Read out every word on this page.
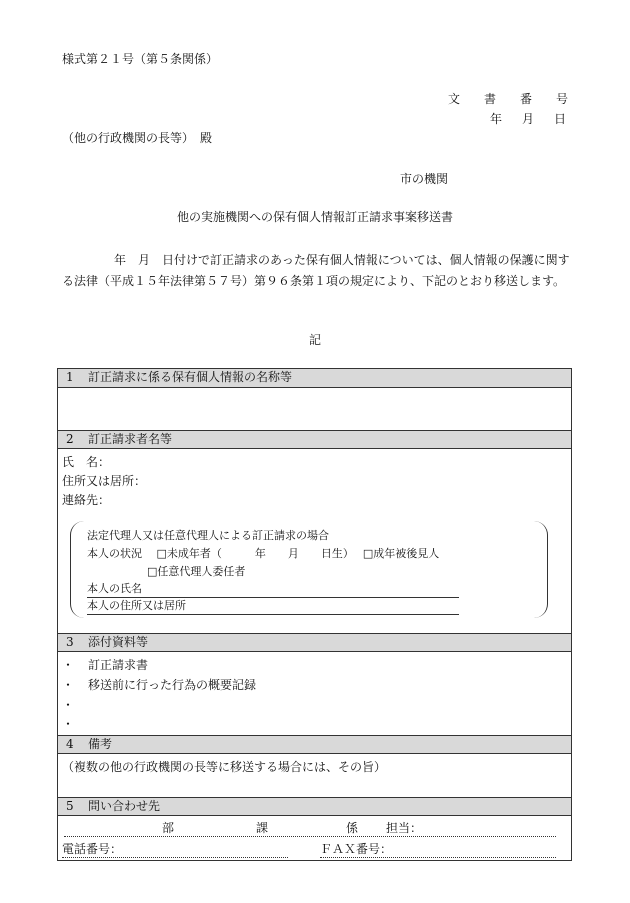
様式第２１号（第５条関係）
文　書　番　号
年　月　日
（他の行政機関の長等）　殿
市の機関
他の実施機関への保有個人情報訂正請求事案移送書
年　月　日付けで訂正請求のあった保有個人情報については、個人情報の保護に関する法律（平成１５年法律第５７号）第９６条第１項の規定により、下記のとおり移送します。
記
1 訂正請求に係る保有個人情報の名称等
2 訂正請求者名等
氏　名：
住所又は居所：
連絡先：
法定代理人又は任意代理人による訂正請求の場合
本人の状況　 □未成年者（　　　年　　月　　日生）　 □成年被後見人
□任意代理人委任者
本人の氏名
本人の住所又は居所
3 添付資料等
・ 訂正請求書
・ 移送前に行った行為の概要記録
・
・
4 備考
（複数の他の行政機関の長等に移送する場合には、その旨）
5 問い合わせ先
部	課	係 担当：
電話番号：	ＦＡＸ番号：
